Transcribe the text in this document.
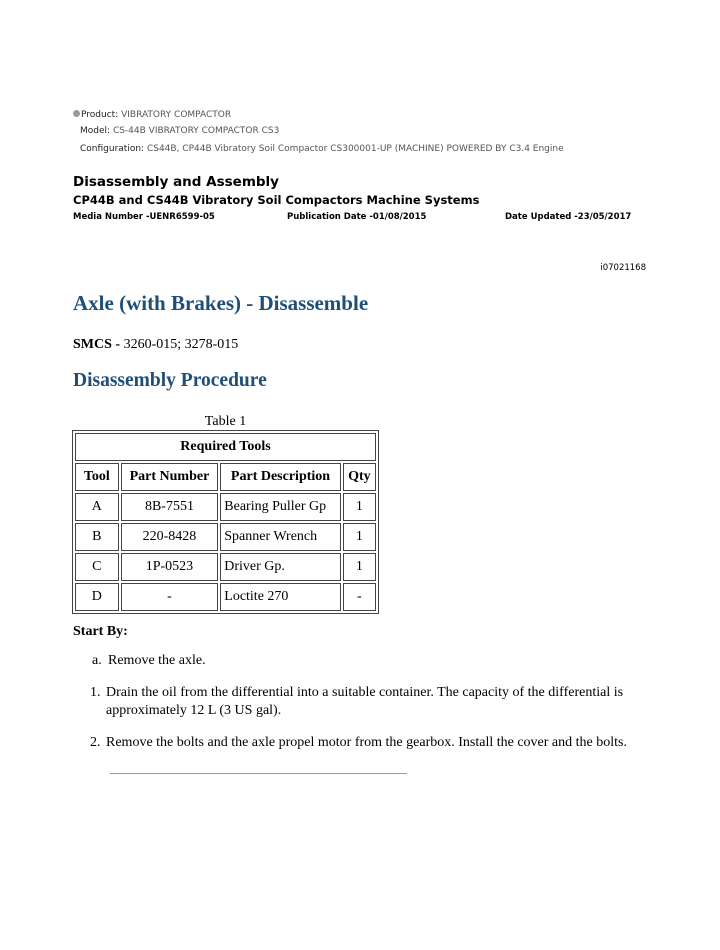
Product: VIBRATORY COMPACTOR
Model: CS-44B VIBRATORY COMPACTOR CS3
Configuration: CS44B, CP44B Vibratory Soil Compactor CS300001-UP (MACHINE) POWERED BY C3.4 Engine
Disassembly and Assembly
CP44B and CS44B Vibratory Soil Compactors Machine Systems
Media Number -UENR6599-05	Publication Date -01/08/2015	Date Updated -23/05/2017
i07021168
Axle (with Brakes) - Disassemble
SMCS - 3260-015; 3278-015
Disassembly Procedure
Table 1
Required Tools			
Tool	Part Number	Part Description	Qty
A	8B-7551	Bearing Puller Gp	1
B	220-8428	Spanner Wrench	1
C	1P-0523	Driver Gp.	1
D	-	Loctite 270	-
Start By:
a. Remove the axle.
1. Drain the oil from the differential into a suitable container. The capacity of the differential is approximately 12 L (3 US gal).
2. Remove the bolts and the axle propel motor from the gearbox. Install the cover and the bolts.
